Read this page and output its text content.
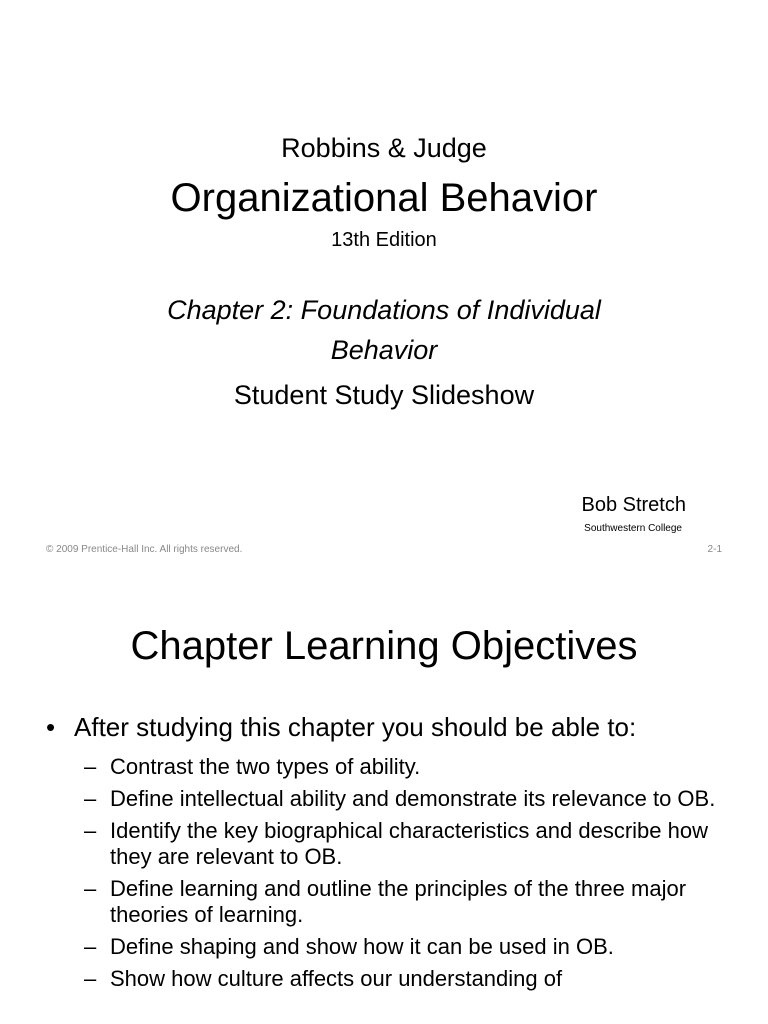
Robbins & Judge
Organizational Behavior
13th Edition
Chapter 2: Foundations of Individual
Behavior
Student Study Slideshow
Bob Stretch
Southwestern College
© 2009 Prentice-Hall Inc. All rights reserved.	2-1
Chapter Learning Objectives
• After studying this chapter you should be able to:
– Contrast the two types of ability.
– Define intellectual ability and demonstrate its relevance to OB.
– Identify the key biographical characteristics and describe how they are relevant to OB.
– Define learning and outline the principles of the three major theories of learning.
– Define shaping and show how it can be used in OB.
– Show how culture affects our understanding of
